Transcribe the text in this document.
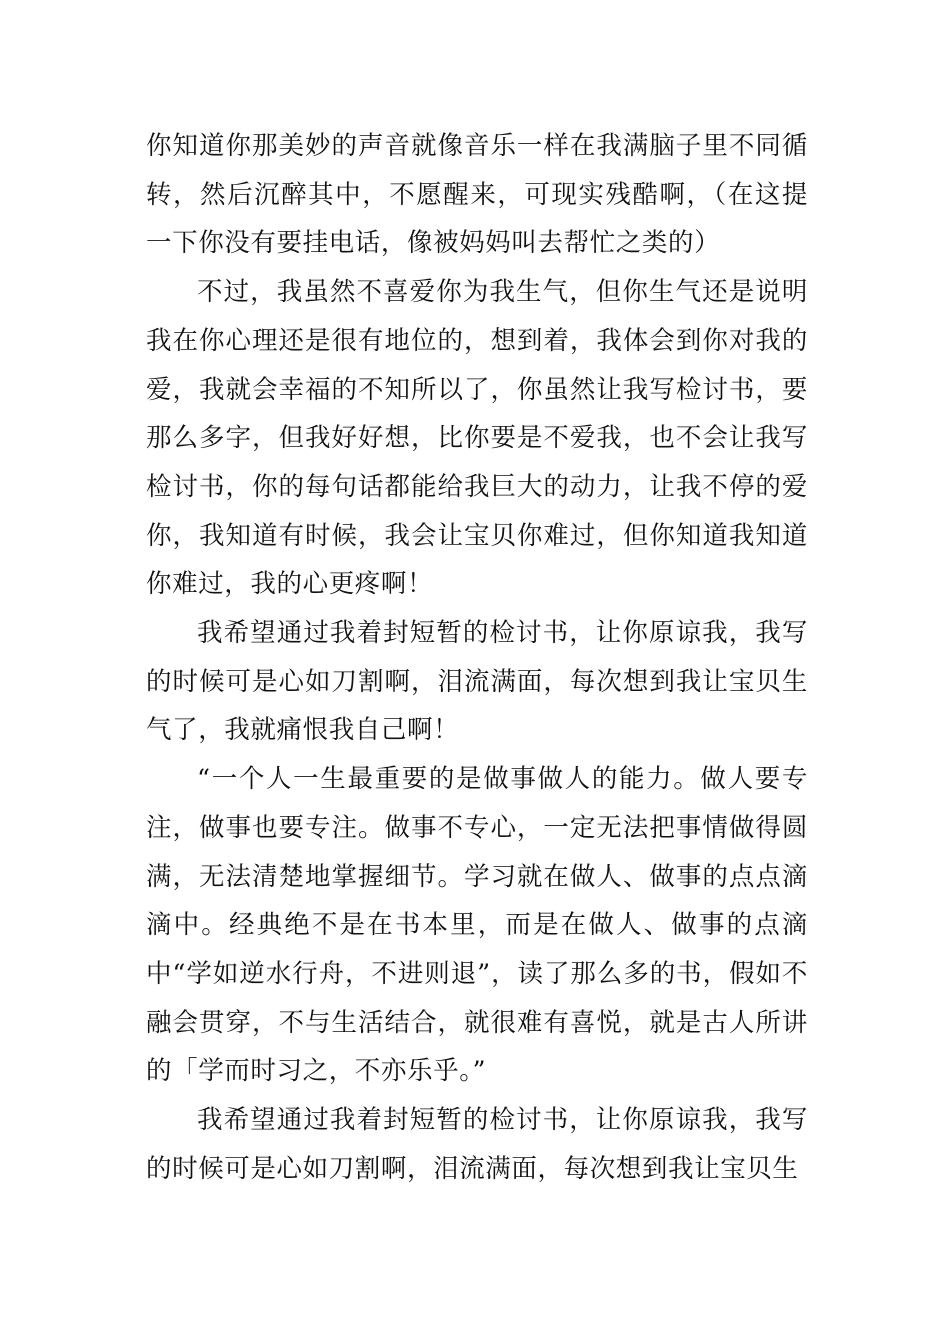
你知道你那美妙的声音就像音乐一样在我满脑子里不同循转，然后沉醉其中，不愿醒来，可现实残酷啊，（在这提一下你没有要挂电话，像被妈妈叫去帮忙之类的）

不过，我虽然不喜爱你为我生气，但你生气还是说明我在你心理还是很有地位的，想到着，我体会到你对我的爱，我就会幸福的不知所以了，你虽然让我写检讨书，要那么多字，但我好好想，比你要是不爱我，也不会让我写检讨书，你的每句话都能给我巨大的动力，让我不停的爱你，我知道有时候，我会让宝贝你难过，但你知道我知道你难过，我的心更疼啊！

我希望通过我着封短暂的检讨书，让你原谅我，我写的时候可是心如刀割啊，泪流满面，每次想到我让宝贝生气了，我就痛恨我自己啊！

“一个人一生最重要的是做事做人的能力。做人要专注，做事也要专注。做事不专心，一定无法把事情做得圆满，无法清楚地掌握细节。学习就在做人、做事的点点滴滴中。经典绝不是在书本里，而是在做人、做事的点滴中“学如逆水行舟，不进则退”，读了那么多的书，假如不融会贯穿，不与生活结合，就很难有喜悦，就是古人所讲的「学而时习之，不亦乐乎。”

我希望通过我着封短暂的检讨书，让你原谅我，我写的时候可是心如刀割啊，泪流满面，每次想到我让宝贝生
